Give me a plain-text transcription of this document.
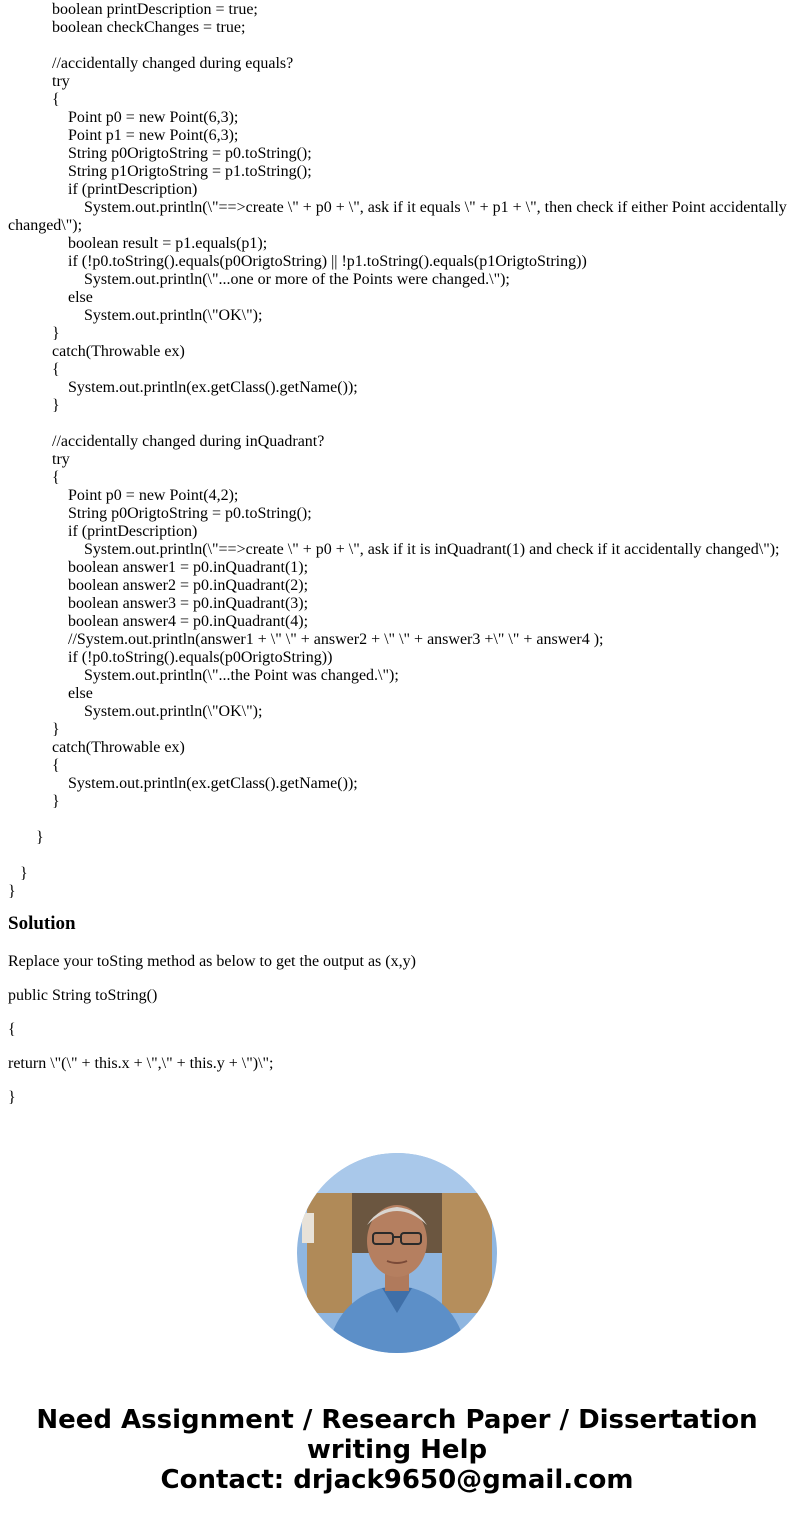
boolean printDescription = true;
boolean checkChanges = true;
//accidentally changed during equals?
try
{
Point p0 = new Point(6,3);
Point p1 = new Point(6,3);
String p0OrigtoString = p0.toString();
String p1OrigtoString = p1.toString();
if (printDescription)
System.out.println(\"==>create \" + p0 + \", ask if it equals \" + p1 + \", then check if either Point accidentally changed\");
boolean result = p1.equals(p1);
if (!p0.toString().equals(p0OrigtoString) || !p1.toString().equals(p1OrigtoString))
System.out.println(\"...one or more of the Points were changed.\");
else
System.out.println(\"OK\");
}
catch(Throwable ex)
{
System.out.println(ex.getClass().getName());
}
//accidentally changed during inQuadrant?
try
{
Point p0 = new Point(4,2);
String p0OrigtoString = p0.toString();
if (printDescription)
System.out.println(\"==>create \" + p0 + \", ask if it is inQuadrant(1) and check if it accidentally changed\");
boolean answer1 = p0.inQuadrant(1);
boolean answer2 = p0.inQuadrant(2);
boolean answer3 = p0.inQuadrant(3);
boolean answer4 = p0.inQuadrant(4);
//System.out.println(answer1 + \" \" + answer2 + \" \" + answer3 +\" \" + answer4 );
if (!p0.toString().equals(p0OrigtoString))
System.out.println(\"...the Point was changed.\");
else
System.out.println(\"OK\");
}
catch(Throwable ex)
{
System.out.println(ex.getClass().getName());
}
}
}
}
Solution

Replace your toSting method as below to get the output as (x,y)

public String toString()

{

return \"(\" + this.x + \",\" + this.y + \")\";

}

Need Assignment / Research Paper / Dissertation
writing Help
Contact: drjack9650@gmail.com
